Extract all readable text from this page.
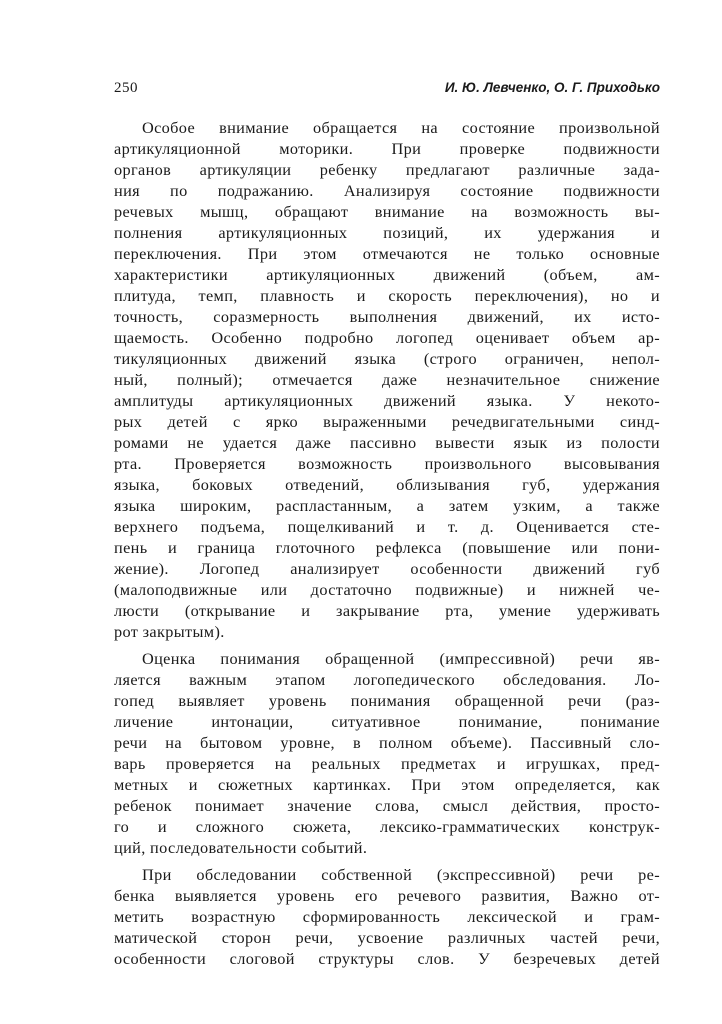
250	И. Ю. Левченко, О. Г. Приходько
Особое внимание обращается на состояние произвольной
артикуляционной моторики. При проверке подвижности
органов артикуляции ребенку предлагают различные зада-
ния по подражанию. Анализируя состояние подвижности
речевых мышц, обращают внимание на возможность вы-
полнения артикуляционных позиций, их удержания и
переключения. При этом отмечаются не только основные
характеристики артикуляционных движений (объем, ам-
плитуда, темп, плавность и скорость переключения), но и
точность, соразмерность выполнения движений, их исто-
щаемость. Особенно подробно логопед оценивает объем ар-
тикуляционных движений языка (строго ограничен, непол-
ный, полный); отмечается даже незначительное снижение
амплитуды артикуляционных движений языка. У некото-
рых детей с ярко выраженными речедвигательными синд-
ромами не удается даже пассивно вывести язык из полости
рта. Проверяется возможность произвольного высовывания
языка, боковых отведений, облизывания губ, удержания
языка широким, распластанным, а затем узким, а также
верхнего подъема, пощелкиваний и т. д. Оценивается сте-
пень и граница глоточного рефлекса (повышение или пони-
жение). Логопед анализирует особенности движений губ
(малоподвижные или достаточно подвижные) и нижней че-
люсти (открывание и закрывание рта, умение удерживать
рот закрытым).
Оценка понимания обращенной (импрессивной) речи яв-
ляется важным этапом логопедического обследования. Ло-
гопед выявляет уровень понимания обращенной речи (раз-
личение интонации, ситуативное понимание, понимание
речи на бытовом уровне, в полном объеме). Пассивный сло-
варь проверяется на реальных предметах и игрушках, пред-
метных и сюжетных картинках. При этом определяется, как
ребенок понимает значение слова, смысл действия, просто-
го и сложного сюжета, лексико-грамматических конструк-
ций, последовательности событий.
При обследовании собственной (экспрессивной) речи ре-
бенка выявляется уровень его речевого развития, Важно от-
метить возрастную сформированность лексической и грам-
матической сторон речи, усвоение различных частей речи,
особенности слоговой структуры слов. У безречевых детей
